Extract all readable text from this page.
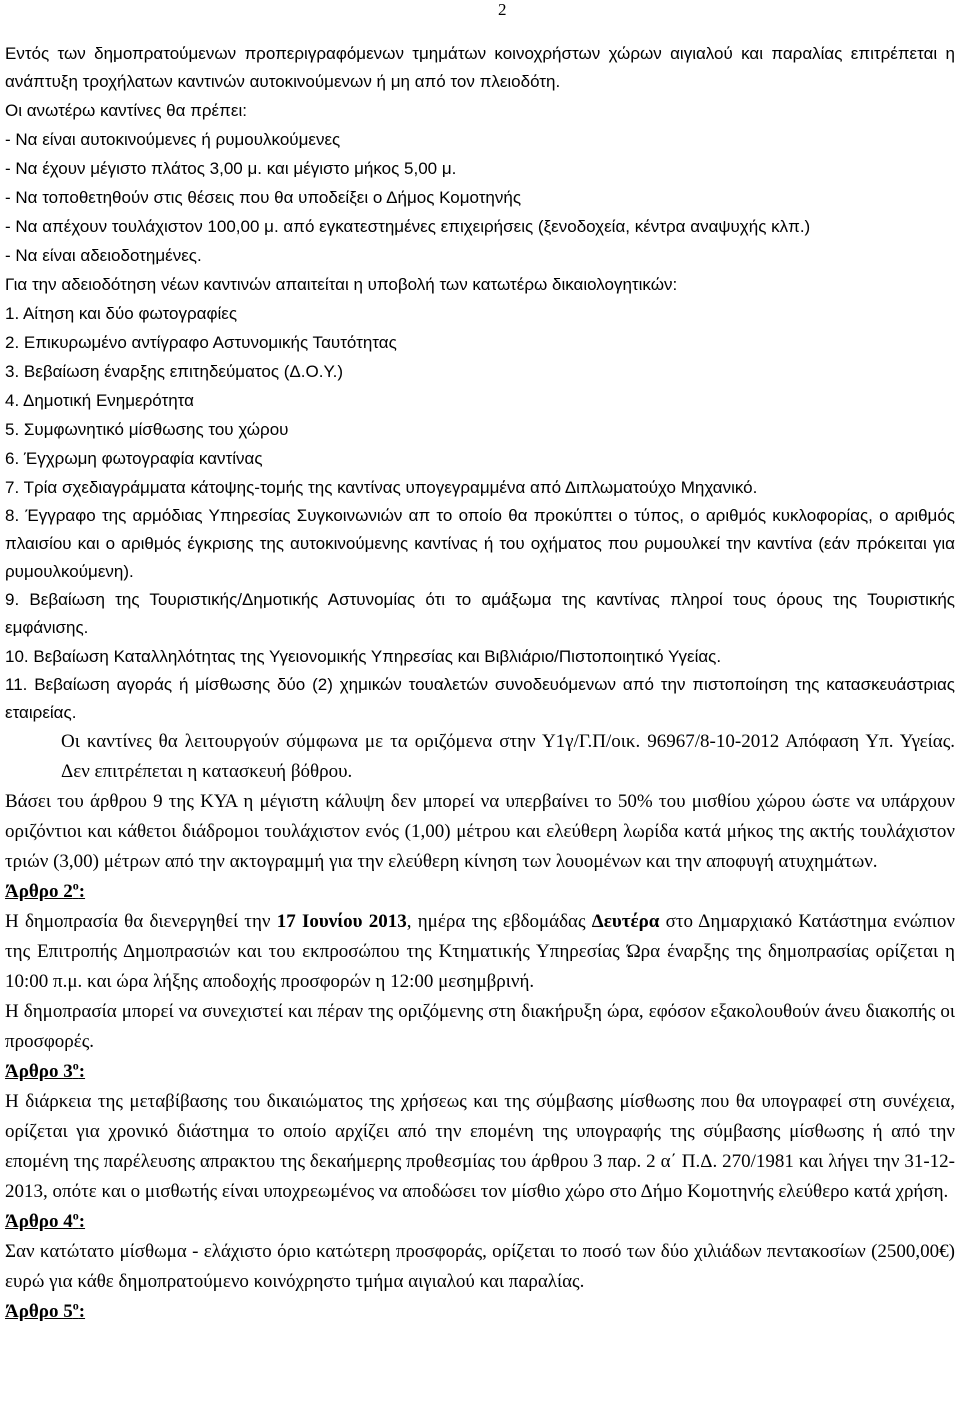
2

Εντός των δημοπρατούμενων προπεριγραφόμενων τμημάτων κοινοχρήστων χώρων αιγιαλού και παραλίας επιτρέπεται η ανάπτυξη τροχήλατων καντινών αυτοκινούμενων ή μη από τον πλειοδότη.

Οι ανωτέρω καντίνες θα πρέπει:

- Να είναι αυτοκινούμενες ή ρυμουλκούμενες

- Να έχουν μέγιστο πλάτος 3,00 μ. και μέγιστο μήκος 5,00 μ.

- Να τοποθετηθούν στις θέσεις που θα υποδείξει ο Δήμος Κομοτηνής

- Να απέχουν τουλάχιστον 100,00 μ. από εγκατεστημένες επιχειρήσεις (ξενοδοχεία, κέντρα αναψυχής κλπ.)

- Να είναι αδειοδοτημένες.

Για την αδειοδότηση νέων καντινών απαιτείται η υποβολή των κατωτέρω δικαιολογητικών:

1. Αίτηση και δύο φωτογραφίες

2. Επικυρωμένο αντίγραφο Αστυνομικής Ταυτότητας

3. Βεβαίωση έναρξης επιτηδεύματος (Δ.Ο.Υ.)

4. Δημοτική Ενημερότητα

5. Συμφωνητικό μίσθωσης του χώρου

6. Έγχρωμη φωτογραφία καντίνας

7. Τρία σχεδιαγράμματα κάτοψης-τομής της καντίνας υπογεγραμμένα από Διπλωματούχο Μηχανικό.

8. Έγγραφο της αρμόδιας Υπηρεσίας Συγκοινωνιών απ το οποίο θα προκύπτει ο τύπος, ο αριθμός κυκλοφορίας, ο αριθμός πλαισίου και ο αριθμός έγκρισης της αυτοκινούμενης καντίνας ή του οχήματος που ρυμουλκεί την καντίνα (εάν πρόκειται για ρυμουλκούμενη).

9. Βεβαίωση της Τουριστικής/Δημοτικής Αστυνομίας ότι το αμάξωμα της καντίνας πληροί τους όρους της Τουριστικής εμφάνισης.

10. Βεβαίωση Καταλληλότητας της Υγειονομικής Υπηρεσίας και Βιβλιάριο/Πιστοποιητικό Υγείας.

11. Βεβαίωση αγοράς ή μίσθωσης δύο (2) χημικών τουαλετών συνοδευόμενων από την πιστοποίηση της κατασκευάστριας εταιρείας.

Οι καντίνες θα λειτουργούν σύμφωνα με τα οριζόμενα στην Υ1γ/Γ.Π/οικ. 96967/8-10-2012 Απόφαση Υπ. Υγείας. Δεν επιτρέπεται η κατασκευή βόθρου.

Βάσει του άρθρου 9 της ΚΥΑ η μέγιστη κάλυψη δεν μπορεί να υπερβαίνει το 50% του μισθίου χώρου ώστε να υπάρχουν οριζόντιοι και κάθετοι διάδρομοι τουλάχιστον ενός (1,00) μέτρου και ελεύθερη λωρίδα κατά μήκος της ακτής τουλάχιστον τριών (3,00) μέτρων από την ακτογραμμή για την ελεύθερη κίνηση των λουομένων και την αποφυγή ατυχημάτων.

Άρθρο $2^o$:

Η δημοπρασία θα διενεργηθεί την 17 Ιουνίου 2013, ημέρα της εβδομάδας Δευτέρα στο Δημαρχιακό Κατάστημα ενώπιον της Επιτροπής Δημοπρασιών και του εκπροσώπου της Κτηματικής Υπηρεσίας Ώρα έναρξης της δημοπρασίας ορίζεται η 10:00 π.μ. και ώρα λήξης αποδοχής προσφορών η 12:00 μεσημβρινή.

Η δημοπρασία μπορεί να συνεχιστεί και πέραν της οριζόμενης στη διακήρυξη ώρα, εφόσον εξακολουθούν άνευ διακοπής οι προσφορές.

Άρθρο $3^o$:

Η διάρκεια της μεταβίβασης του δικαιώματος της χρήσεως και της σύμβασης μίσθωσης που θα υπογραφεί στη συνέχεια, ορίζεται για χρονικό διάστημα το οποίο αρχίζει από την επομένη της υπογραφής της σύμβασης μίσθωσης ή από την επομένη της παρέλευσης απρακτου της δεκαήμερης προθεσμίας του άρθρου 3 παρ. 2 α΄ Π.Δ. 270/1981 και λήγει την 31-12-2013, οπότε και ο μισθωτής είναι υποχρεωμένος να αποδώσει τον μίσθιο χώρο στο Δήμο Κομοτηνής ελεύθερο κατά χρήση.

Άρθρο $4^o$:

Σαν κατώτατο μίσθωμα - ελάχιστο όριο κατώτερη προσφοράς, ορίζεται το ποσό των δύο χιλιάδων πεντακοσίων (2500,00€) ευρώ για κάθε δημοπρατούμενο κοινόχρηστο τμήμα αιγιαλού και παραλίας.

Άρθρο $5^o$:
